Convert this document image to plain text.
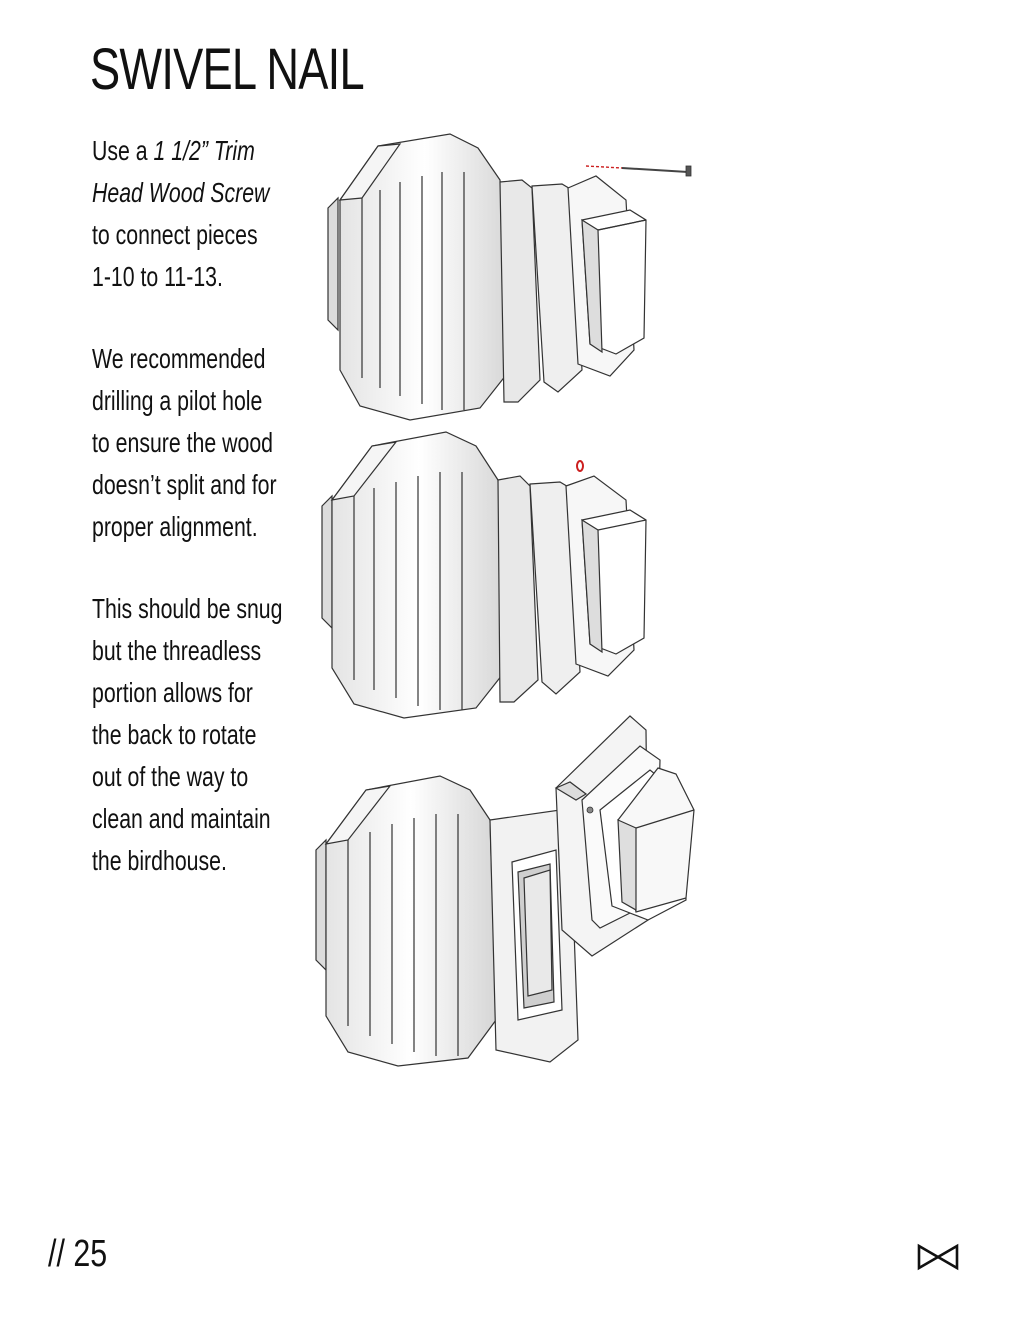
SWIVEL NAIL

Use a 1 1/2” Trim
Head Wood Screw
to connect pieces
1-10 to 11-13.

We recommended
drilling a pilot hole
to ensure the wood
doesn’t split and for
proper alignment.

This should be snug
but the threadless
portion allows for
the back to rotate
out of the way to
clean and maintain
the birdhouse.

// 25
